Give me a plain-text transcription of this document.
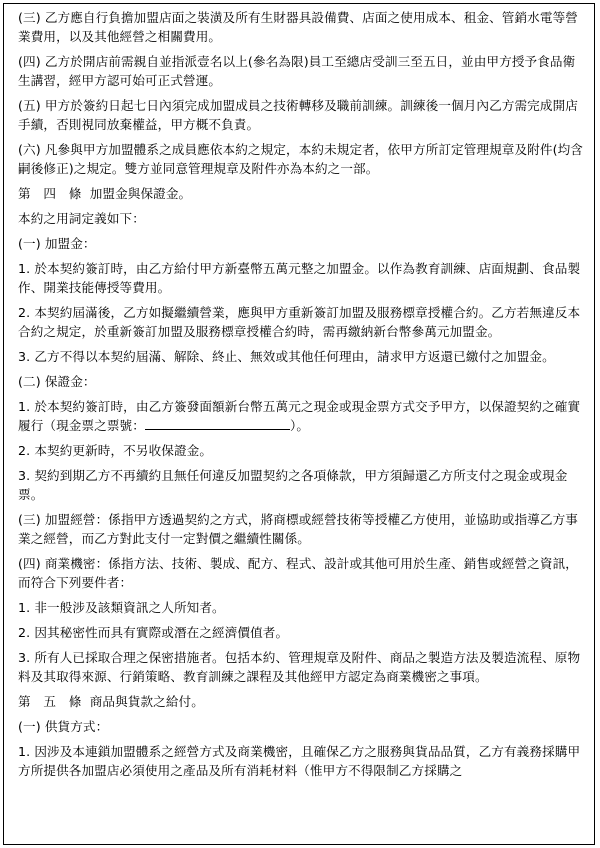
(三) 乙方應自行負擔加盟店面之裝潢及所有生財器具設備費、店面之使用成本、租金、管銷水電等營業費用，以及其他經營之相關費用。

(四) 乙方於開店前需親自並指派壹名以上(參名為限)員工至總店受訓三至五日，並由甲方授予食品衛生講習，經甲方認可始可正式營運。

(五) 甲方於簽約日起七日內須完成加盟成員之技術轉移及職前訓練。訓練後一個月內乙方需完成開店手續，否則視同放棄權益，甲方概不負責。

(六) 凡參與甲方加盟體系之成員應依本約之規定，本約未規定者，依甲方所訂定管理規章及附件(均含嗣後修正)之規定。雙方並同意管理規章及附件亦為本約之一部。

第　四　條 加盟金與保證金。

本約之用詞定義如下：

(一) 加盟金：

1. 於本契約簽訂時，由乙方給付甲方新臺幣五萬元整之加盟金。以作為教育訓練、店面規劃、食品製作、開業技能傳授等費用。

2. 本契約屆滿後，乙方如擬繼續營業，應與甲方重新簽訂加盟及服務標章授權合約。乙方若無違反本合約之規定，於重新簽訂加盟及服務標章授權合約時，需再繳納新台幣參萬元加盟金。

3. 乙方不得以本契約屆滿、解除、終止、無效或其他任何理由，請求甲方返還已繳付之加盟金。

(二) 保證金：

1. 於本契約簽訂時，由乙方簽發面額新台幣五萬元之現金或現金票方式交予甲方，以保證契約之確實履行（現金票之票號：	）。

2. 本契約更新時，不另收保證金。

3. 契約到期乙方不再續約且無任何違反加盟契約之各項條款，甲方須歸還乙方所支付之現金或現金票。

(三) 加盟經營：係指甲方透過契約之方式，將商標或經營技術等授權乙方使用，並協助或指導乙方事業之經營，而乙方對此支付一定對價之繼續性關係。

(四) 商業機密：係指方法、技術、製成、配方、程式、設計或其他可用於生產、銷售或經營之資訊，而符合下列要件者：

1. 非一般涉及該類資訊之人所知者。

2. 因其秘密性而具有實際或潛在之經濟價值者。

3. 所有人已採取合理之保密措施者。包括本約、管理規章及附件、商品之製造方法及製造流程、原物料及其取得來源、行銷策略、教育訓練之課程及其他經甲方認定為商業機密之事項。

第　五　條 商品與貨款之給付。

(一) 供貨方式：

1. 因涉及本連鎖加盟體系之經營方式及商業機密，且確保乙方之服務與貨品品質，乙方有義務採購甲方所提供各加盟店必須使用之產品及所有消耗材料（惟甲方不得限制乙方採購之
